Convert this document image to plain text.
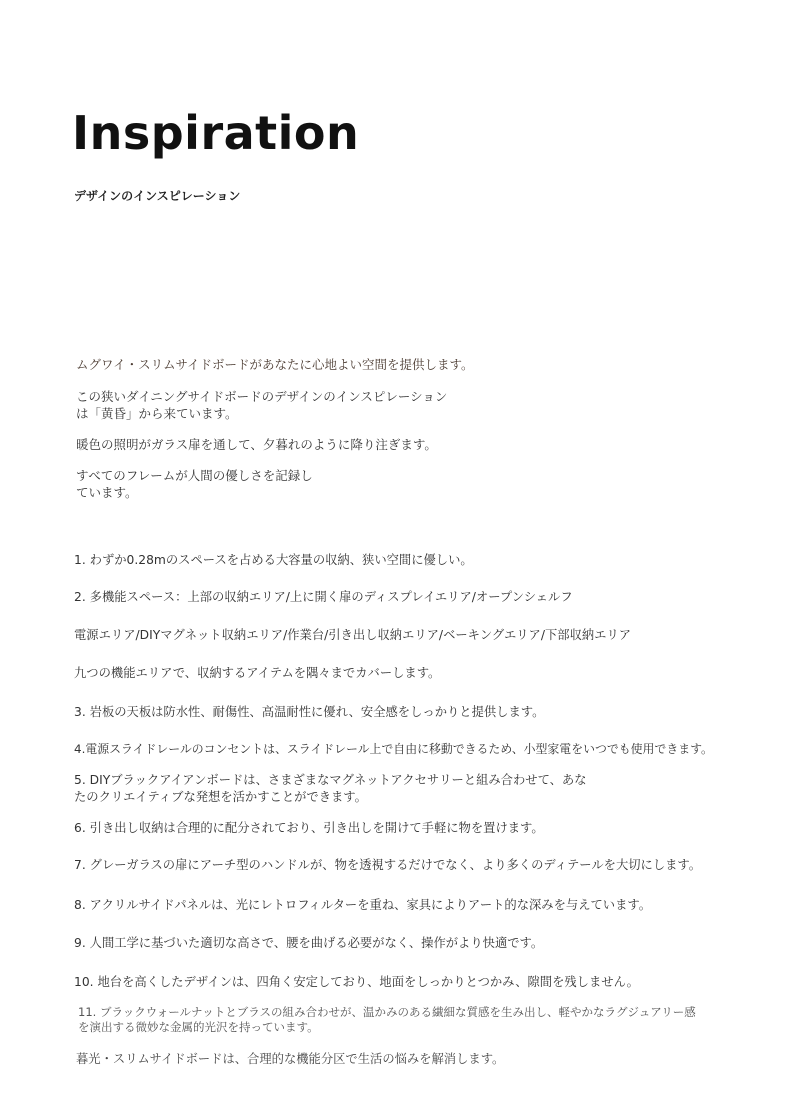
Inspiration
デザインのインスピレーション

ムグワイ・スリムサイドボードがあなたに心地よい空間を提供します。

この狭いダイニングサイドボードのデザインのインスピレーション
は「黄昏」から来ています。

暖色の照明がガラス扉を通して、夕暮れのように降り注ぎます。

すべてのフレームが人間の優しさを記録し
ています。

1. わずか0.28mのスペースを占める大容量の収納、狭い空間に優しい。

2. 多機能スペース：上部の収納エリア/上に開く扉のディスプレイエリア/オープンシェルフ

電源エリア/DIYマグネット収納エリア/作業台/引き出し収納エリア/ベーキングエリア/下部収納エリア

九つの機能エリアで、収納するアイテムを隅々までカバーします。

3. 岩板の天板は防水性、耐傷性、高温耐性に優れ、安全感をしっかりと提供します。

4.電源スライドレールのコンセントは、スライドレール上で自由に移動できるため、小型家電をいつでも使用できます。

5. DIYブラックアイアンボードは、さまざまなマグネットアクセサリーと組み合わせて、あな
たのクリエイティブな発想を活かすことができます。

6. 引き出し収納は合理的に配分されており、引き出しを開けて手軽に物を置けます。

7. グレーガラスの扉にアーチ型のハンドルが、物を透視するだけでなく、より多くのディテールを大切にします。

8. アクリルサイドパネルは、光にレトロフィルターを重ね、家具によりアート的な深みを与えています。

9. 人間工学に基づいた適切な高さで、腰を曲げる必要がなく、操作がより快適です。

10. 地台を高くしたデザインは、四角く安定しており、地面をしっかりとつかみ、隙間を残しません。

11. ブラックウォールナットとブラスの組み合わせが、温かみのある繊細な質感を生み出し、軽やかなラグジュアリー感
を演出する微妙な金属的光沢を持っています。

暮光・スリムサイドボードは、合理的な機能分区で生活の悩みを解消します。
